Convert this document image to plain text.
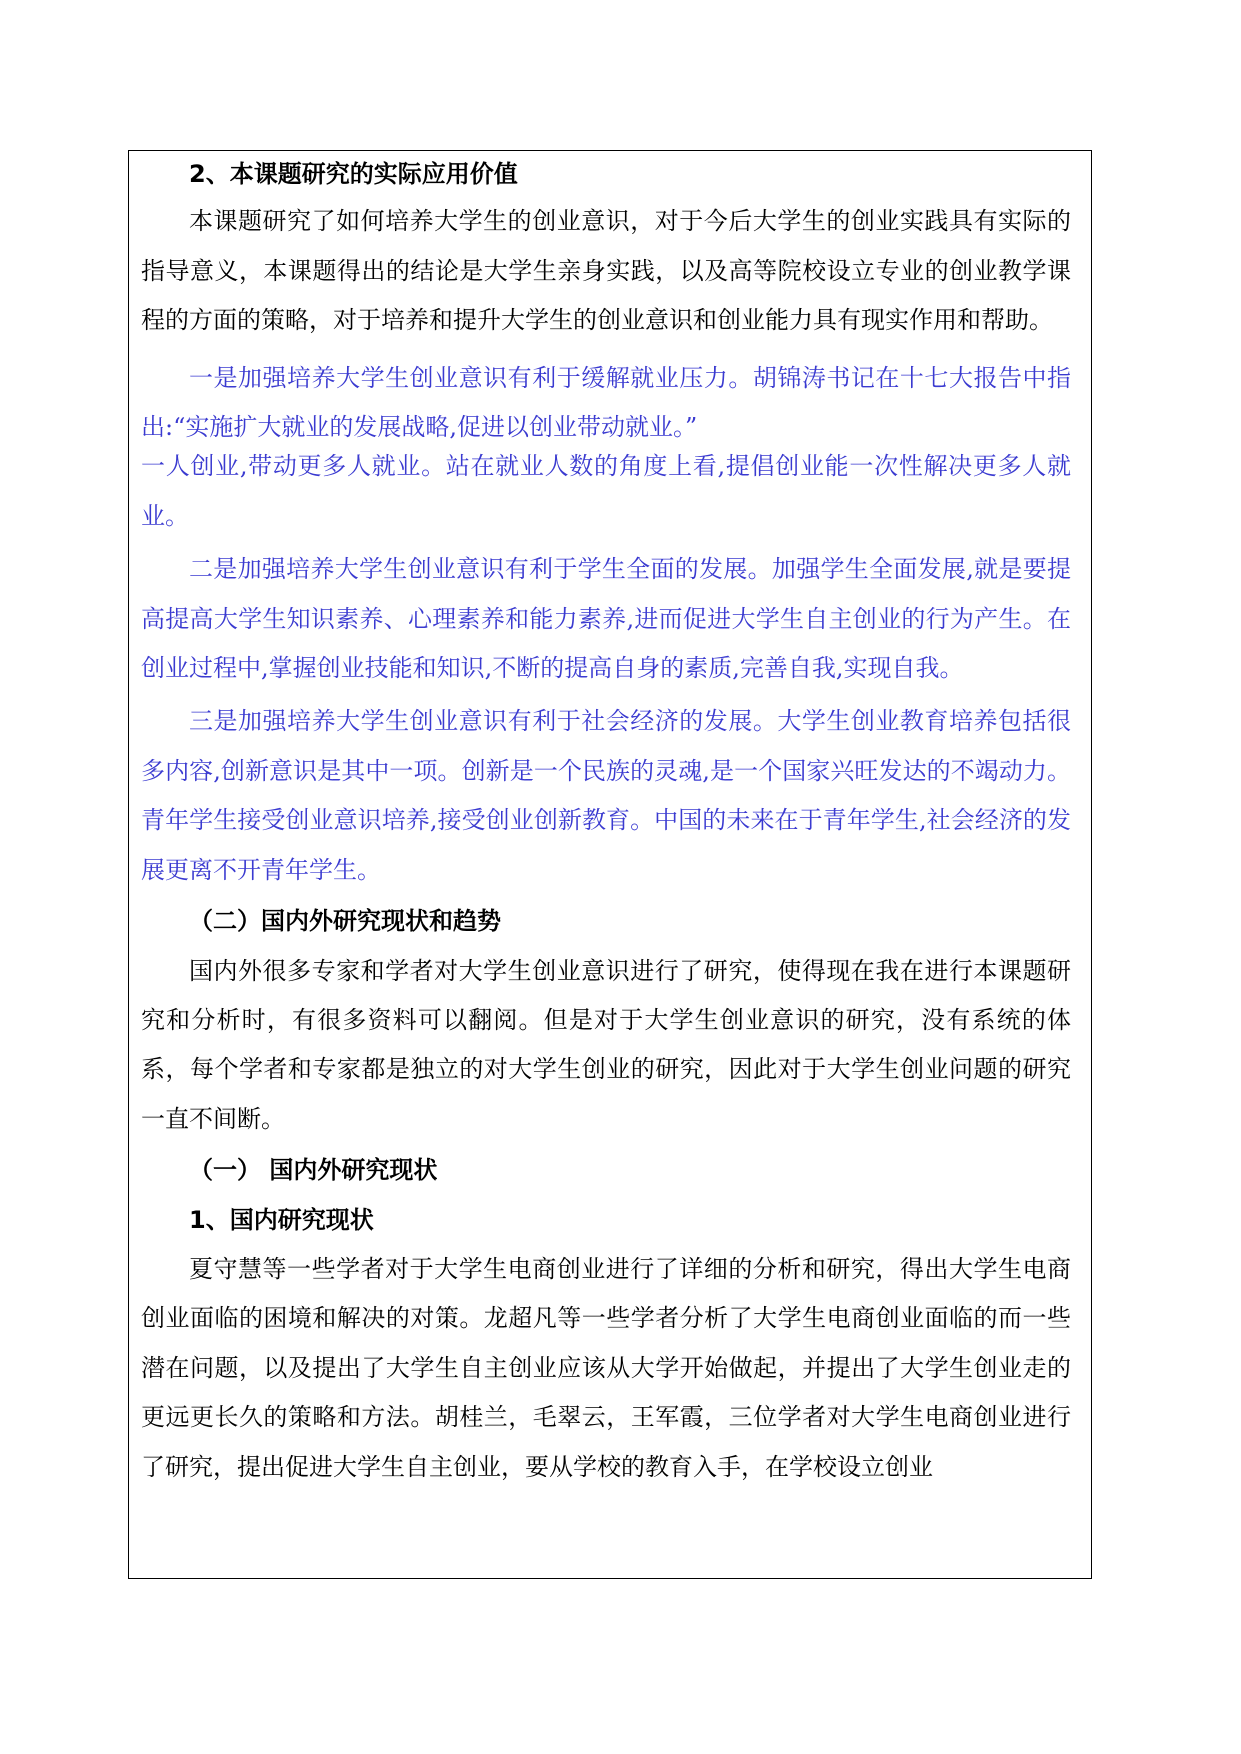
2、本课题研究的实际应用价值

本课题研究了如何培养大学生的创业意识，对于今后大学生的创业实践具有实际的指导意义，本课题得出的结论是大学生亲身实践，以及高等院校设立专业的创业教学课程的方面的策略，对于培养和提升大学生的创业意识和创业能力具有现实作用和帮助。

一是加强培养大学生创业意识有利于缓解就业压力。胡锦涛书记在十七大报告中指出:“实施扩大就业的发展战略,促进以创业带动就业。”

一人创业,带动更多人就业。站在就业人数的角度上看,提倡创业能一次性解决更多人就业。

二是加强培养大学生创业意识有利于学生全面的发展。加强学生全面发展,就是要提高提高大学生知识素养、心理素养和能力素养,进而促进大学生自主创业的行为产生。在创业过程中,掌握创业技能和知识,不断的提高自身的素质,完善自我,实现自我。

三是加强培养大学生创业意识有利于社会经济的发展。大学生创业教育培养包括很多内容,创新意识是其中一项。创新是一个民族的灵魂,是一个国家兴旺发达的不竭动力。青年学生接受创业意识培养,接受创业创新教育。中国的未来在于青年学生,社会经济的发展更离不开青年学生。

（二）国内外研究现状和趋势

国内外很多专家和学者对大学生创业意识进行了研究，使得现在我在进行本课题研究和分析时，有很多资料可以翻阅。但是对于大学生创业意识的研究，没有系统的体系，每个学者和专家都是独立的对大学生创业的研究，因此对于大学生创业问题的研究一直不间断。

（一） 国内外研究现状

1、国内研究现状

夏守慧等一些学者对于大学生电商创业进行了详细的分析和研究，得出大学生电商创业面临的困境和解决的对策。龙超凡等一些学者分析了大学生电商创业面临的而一些潜在问题，以及提出了大学生自主创业应该从大学开始做起，并提出了大学生创业走的更远更长久的策略和方法。胡桂兰，毛翠云，王军霞，三位学者对大学生电商创业进行了研究，提出促进大学生自主创业，要从学校的教育入手，在学校设立创业
